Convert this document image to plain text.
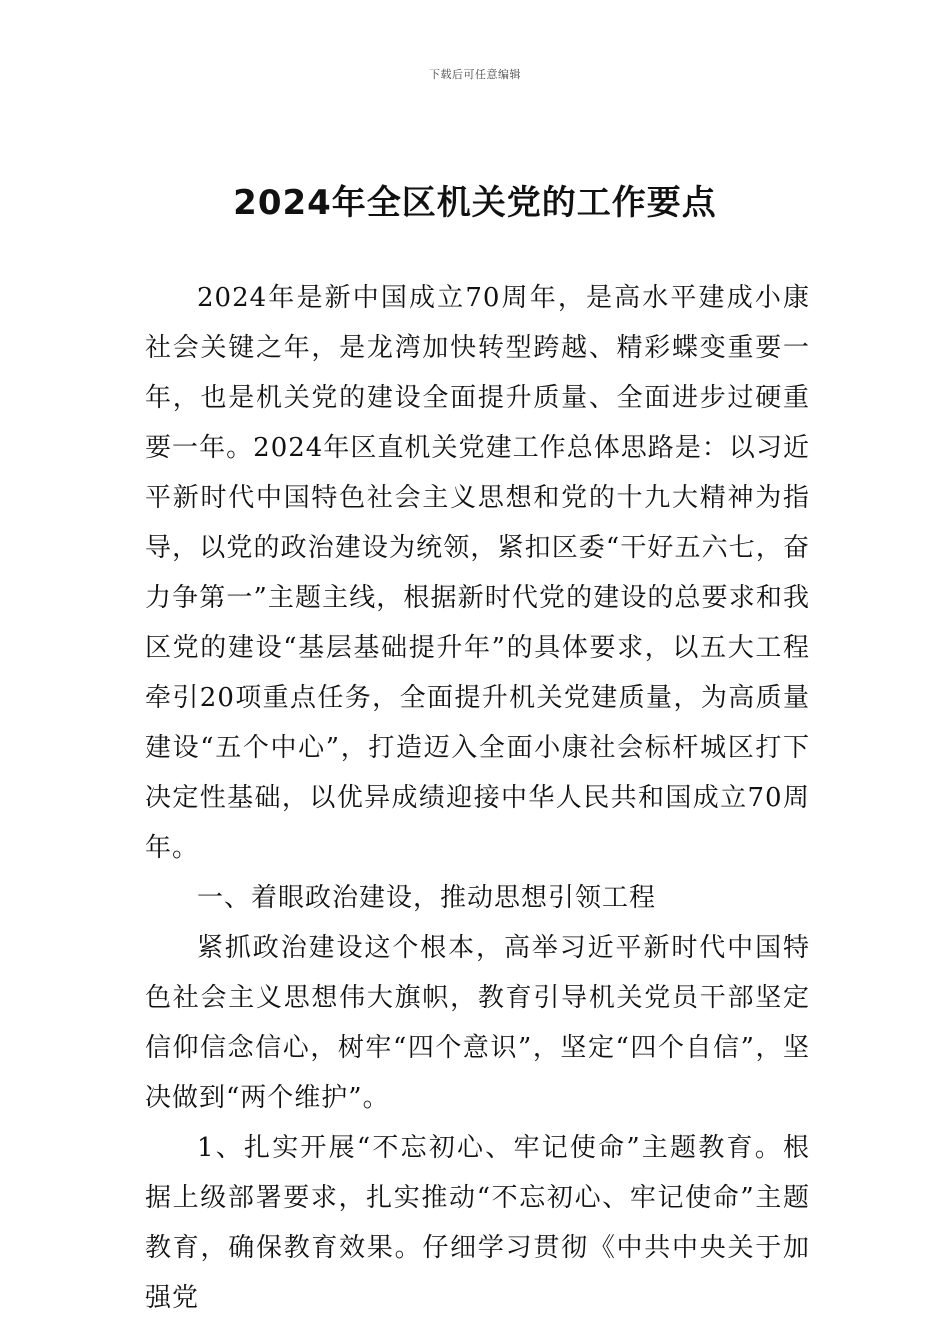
下载后可任意编辑
2024年全区机关党的工作要点

2024年是新中国成立70周年，是高水平建成小康社会关键之年，是龙湾加快转型跨越、精彩蝶变重要一年，也是机关党的建设全面提升质量、全面进步过硬重要一年。2024年区直机关党建工作总体思路是：以习近平新时代中国特色社会主义思想和党的十九大精神为指导，以党的政治建设为统领，紧扣区委“干好五六七，奋力争第一”主题主线，根据新时代党的建设的总要求和我区党的建设“基层基础提升年”的具体要求，以五大工程牵引20项重点任务，全面提升机关党建质量，为高质量建设“五个中心”，打造迈入全面小康社会标杆城区打下决定性基础，以优异成绩迎接中华人民共和国成立70周年。

一、着眼政治建设，推动思想引领工程

紧抓政治建设这个根本，高举习近平新时代中国特色社会主义思想伟大旗帜，教育引导机关党员干部坚定信仰信念信心，树牢“四个意识”，坚定“四个自信”，坚决做到“两个维护”。

1、扎实开展“不忘初心、牢记使命”主题教育。根据上级部署要求，扎实推动“不忘初心、牢记使命”主题教育，确保教育效果。仔细学习贯彻《中共中央关于加强党
